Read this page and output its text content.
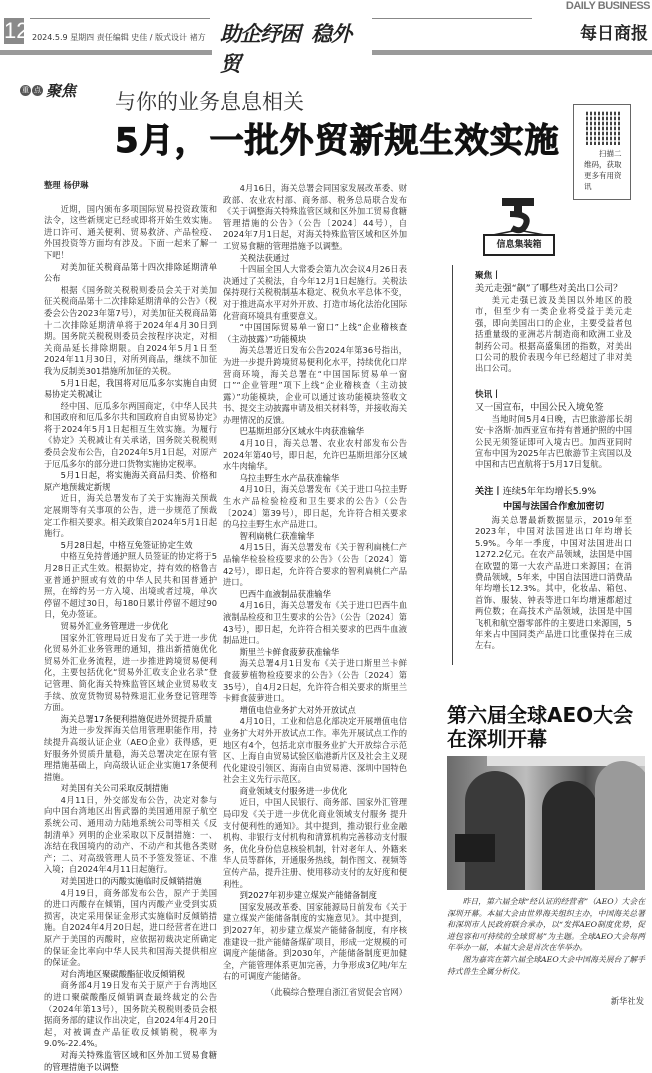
12 2024.5.9 星期四 责任编辑 史佳 / 版式设计 褚方 助企纾困 稳外贸
DAILY BUSINESS
每日商报
重 点 聚焦 与你的业务息息相关
5月，一批外贸新规生效实施	扫描二维码，获取更多有用资讯
整理 杨伊琳

近期，国内颁布多项国际贸易投资政策和法令，这些新规定已经或即将开始生效实施。进口许可、通关便利、贸易救济、产品检疫、外国投资等方面均有涉及。下面一起来了解一下吧！

对美加征关税商品第十四次排除延期清单公布

根据《国务院关税税则委员会关于对美加征关税商品第十二次排除延期清单的公告》（税委会公告2023年第7号），对美加征关税商品第十二次排除延期清单将于2024年4月30日到期。国务院关税税则委员会按程序决定，对相关商品延长排除期限。自2024年5月1日至2024年11月30日，对所列商品，继续不加征我为反制美301措施所加征的关税。

5月1日起，我国将对厄瓜多尔实施自由贸易协定关税减让

经中国、厄瓜多尔两国商定，《中华人民共和国政府和厄瓜多尔共和国政府自由贸易协定》将于2024年5月1日起相互生效实施。为履行《协定》关税减让有关承诺，国务院关税税则委员会发布公告，自2024年5月1日起，对原产于厄瓜多尔的部分进口货物实施协定税率。

5月1日起，将实施海关商品归类、价格和原产地预裁定新规

近日，海关总署发布了关于实施海关预裁定展期等有关事项的公告，进一步规范了预裁定工作相关要求。相关政策自2024年5月1日起施行。

5月28日起，中格互免签证协定生效

中格互免持普通护照人员签证的协定将于5月28日正式生效。根据协定，持有效的格鲁吉亚普通护照或有效的中华人民共和国普通护照，在缔约另一方入境、出境或者过境，单次停留不超过30日，每180日累计停留不超过90日，免办签证。

贸易外汇业务管理进一步优化

国家外汇管理局近日发布了关于进一步优化贸易外汇业务管理的通知，推出新措施优化贸易外汇业务流程，进一步推进跨境贸易便利化，主要包括优化“贸易外汇收支企业名录”登记管理、简化海关特殊监管区域企业贸易收支手续、放宽货物贸易特殊退汇业务登记管理等方面。

海关总署17条便利措施促进外贸提升质量

为进一步发挥海关信用管理职能作用，持续提升高级认证企业（AEO企业）获得感，更好服务外贸质升量稳，海关总署决定在原有管理措施基础上，向高级认证企业实施17条便利措施。

对美国有关公司采取反制措施

4月11日，外交部发布公告，决定对参与向中国台湾地区出售武器的美国通用原子航空系统公司、通用动力陆地系统公司等相关《反制清单》列明的企业采取以下反制措施：一、冻结在我国境内的动产、不动产和其他各类财产；二、对高级管理人员不予签发签证、不准入境；自2024年4月11日起施行。

对美国进口的丙酸实施临时反倾销措施

4月19日，商务部发布公告，原产于美国的进口丙酸存在倾销，国内丙酸产业受到实质损害，决定采用保证金形式实施临时反倾销措施。自2024年4月20日起，进口经营者在进口原产于美国的丙酸时，应依据初裁决定所确定的保证金比率向中华人民共和国海关提供相应的保证金。

对台湾地区聚碳酸酯征收反倾销税

商务部4月19日发布关于原产于台湾地区的进口聚碳酸酯反倾销调查最终裁定的公告（2024年第13号），国务院关税税则委员会根据商务部的建议作出决定，自2024年4月20日起，对被调查产品征收反倾销税，税率为9.0%-22.4%。

对海关特殊监管区域和区外加工贸易食糖的管理措施予以调整

4月16日，海关总署会同国家发展改革委、财政部、农业农村部、商务部、税务总局联合发布《关于调整海关特殊监管区域和区外加工贸易食糖管理措施的公告》（公告〔2024〕44号），自2024年7月1日起，对海关特殊监管区域和区外加工贸易食糖的管理措施予以调整。

关税法获通过

十四届全国人大常委会第九次会议4月26日表决通过了关税法，自今年12月1日起施行。关税法保持现行关税税制基本稳定、税负水平总体不变，对于推进高水平对外开放、打造市场化法治化国际化营商环境具有重要意义。

“中国国际贸易单一窗口”上线“企业稽核查（主动披露）”功能模块

海关总署近日发布公告2024年第36号指出，为进一步提升跨境贸易便利化水平，持续优化口岸营商环境，海关总署在“中国国际贸易单一窗口”“企业管理”项下上线“企业稽核查（主动披露）”功能模块，企业可以通过该功能模块签收文书、提交主动披露申请及相关材料等，并接收海关办理情况的反馈。

巴基斯坦部分区域水牛肉获准输华

4月10日，海关总署、农业农村部发布公告2024年第40号，即日起，允许巴基斯坦部分区域水牛肉输华。

乌拉圭野生水产品获准输华

4月10日，海关总署发布《关于进口乌拉圭野生水产品检验检疫和卫生要求的公告》（公告〔2024〕第39号），即日起，允许符合相关要求的乌拉圭野生水产品进口。

智利扁桃仁获准输华

4月15日，海关总署发布《关于智利扁桃仁产品输华检验检疫要求的公告》（公告〔2024〕第42号），即日起，允许符合要求的智利扁桃仁产品进口。

巴西牛血液制品获准输华

4月16日，海关总署发布《关于进口巴西牛血液制品检疫和卫生要求的公告》（公告〔2024〕第43号），即日起，允许符合相关要求的巴西牛血液制品进口。

斯里兰卡鲜食菠萝获准输华

海关总署4月1日发布《关于进口斯里兰卡鲜食菠萝植物检疫要求的公告》（公告〔2024〕第35号），自4月2日起，允许符合相关要求的斯里兰卡鲜食菠萝进口。

增值电信业务扩大对外开放试点

4月10日，工业和信息化部决定开展增值电信业务扩大对外开放试点工作。率先开展试点工作的地区有4个，包括北京市服务业扩大开放综合示范区、上海自由贸易试验区临港新片区及社会主义现代化建设引领区、海南自由贸易港、深圳中国特色社会主义先行示范区。

商业领域支付服务进一步优化

近日，中国人民银行、商务部、国家外汇管理局印发《关于进一步优化商业领域支付服务 提升支付便利性的通知》。其中提到，推动银行业金融机构、非银行支付机构和清算机构完善移动支付服务，优化身份信息核验机制，针对老年人、外籍来华人员等群体，开通服务热线，制作图文、视频等宣传产品，提升注册、使用移动支付的友好度和便利性。

到2027年初步建立煤炭产能储备制度

国家发展改革委、国家能源局日前发布《关于建立煤炭产能储备制度的实施意见》。其中提到，到2027年，初步建立煤炭产能储备制度，有序核准建设一批产能储备煤矿项目，形成一定规模的可调度产能储备。到2030年，产能储备制度更加健全，产能管理体系更加完善，力争形成3亿吨/年左右的可调度产能储备。

（此稿综合整理自浙江省贸促会官网）
信息集装箱
聚焦丨
美元走强“飙”了哪些对美出口公司？

美元走强已波及美国以外地区的股市，但至少有一类企业将受益于美元走强，即向美国出口的企业，主要受益者包括重量级的亚洲芯片制造商和欧洲工业及制药公司。根据高盛集团的指数，对美出口公司的股价表现今年已经超过了非对美出口公司。

快讯丨
又一国宣布，中国公民入境免签

当地时间5月4日晚，古巴旅游部长胡安·卡洛斯·加西亚宣布持有普通护照的中国公民无须签证即可入境古巴。加西亚同时宣布中国为2025年古巴旅游节主宾国以及中国和古巴直航将于5月17日复航。

关注丨连续5年年均增长5.9%
中国与法国合作愈加密切

海关总署最新数据显示，2019年至2023年，中国对法国进出口年均增长5.9%。今年一季度，中国对法国进出口1272.2亿元。在农产品领域，法国是中国在欧盟的第一大农产品进口来源国；在消费品领域，5年来，中国自法国进口消费品年均增长12.3%。其中，化妆品、箱包、首饰、服装、钟表等进口年均增速都超过两位数；在高技术产品领域，法国是中国飞机和航空器零部件的主要进口来源国，5年来占中国同类产品进口比重保持在三成左右。

第六届全球AEO大会
在深圳开幕

昨日，第六届全球“经认证的经营者”（AEO）大会在深圳开幕。本届大会由世界海关组织主办，中国海关总署和深圳市人民政府联合承办，以“发挥AEO制度优势，促进包容和可持续的全球贸易”为主题。全球AEO大会每两年举办一届，本届大会是首次在华举办。

图为嘉宾在第六届全球AEO大会中国海关展台了解手持式兽生全属分析仪。

新华社发
